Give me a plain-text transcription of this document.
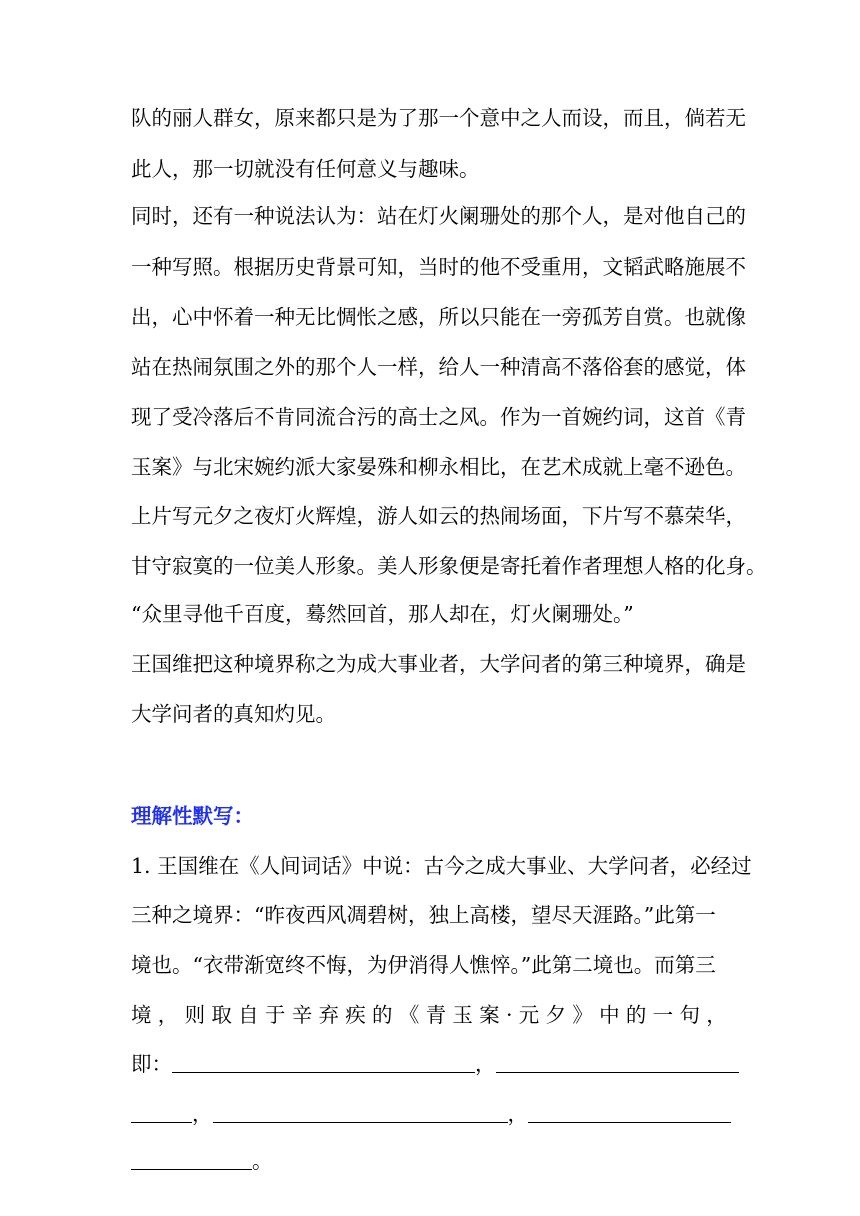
队的丽人群女，原来都只是为了那一个意中之人而设，而且，倘若无
此人，那一切就没有任何意义与趣味。
同时，还有一种说法认为：站在灯火阑珊处的那个人，是对他自己的
一种写照。根据历史背景可知，当时的他不受重用，文韬武略施展不
出，心中怀着一种无比惆怅之感，所以只能在一旁孤芳自赏。也就像
站在热闹氛围之外的那个人一样，给人一种清高不落俗套的感觉，体
现了受冷落后不肯同流合污的高士之风。作为一首婉约词，这首《青
玉案》与北宋婉约派大家晏殊和柳永相比，在艺术成就上毫不逊色。
上片写元夕之夜灯火辉煌，游人如云的热闹场面，下片写不慕荣华，
甘守寂寞的一位美人形象。美人形象便是寄托着作者理想人格的化身。
“众里寻他千百度，蓦然回首，那人却在，灯火阑珊处。”
王国维把这种境界称之为成大事业者，大学问者的第三种境界，确是
大学问者的真知灼见。
理解性默写：
1. 王国维在《人间词话》中说：古今之成大事业、大学问者，必经过
三种之境界：“昨夜西风凋碧树，独上高楼，望尽天涯路。”此第一
境也。“衣带渐宽终不悔，为伊消得人憔悴。”此第二境也。而第三
境 ， 则 取 自 于 辛 弃 疾 的 《 青 玉 案 · 元 夕 》 中 的 一 句 ，
即：	，
，	，
。
